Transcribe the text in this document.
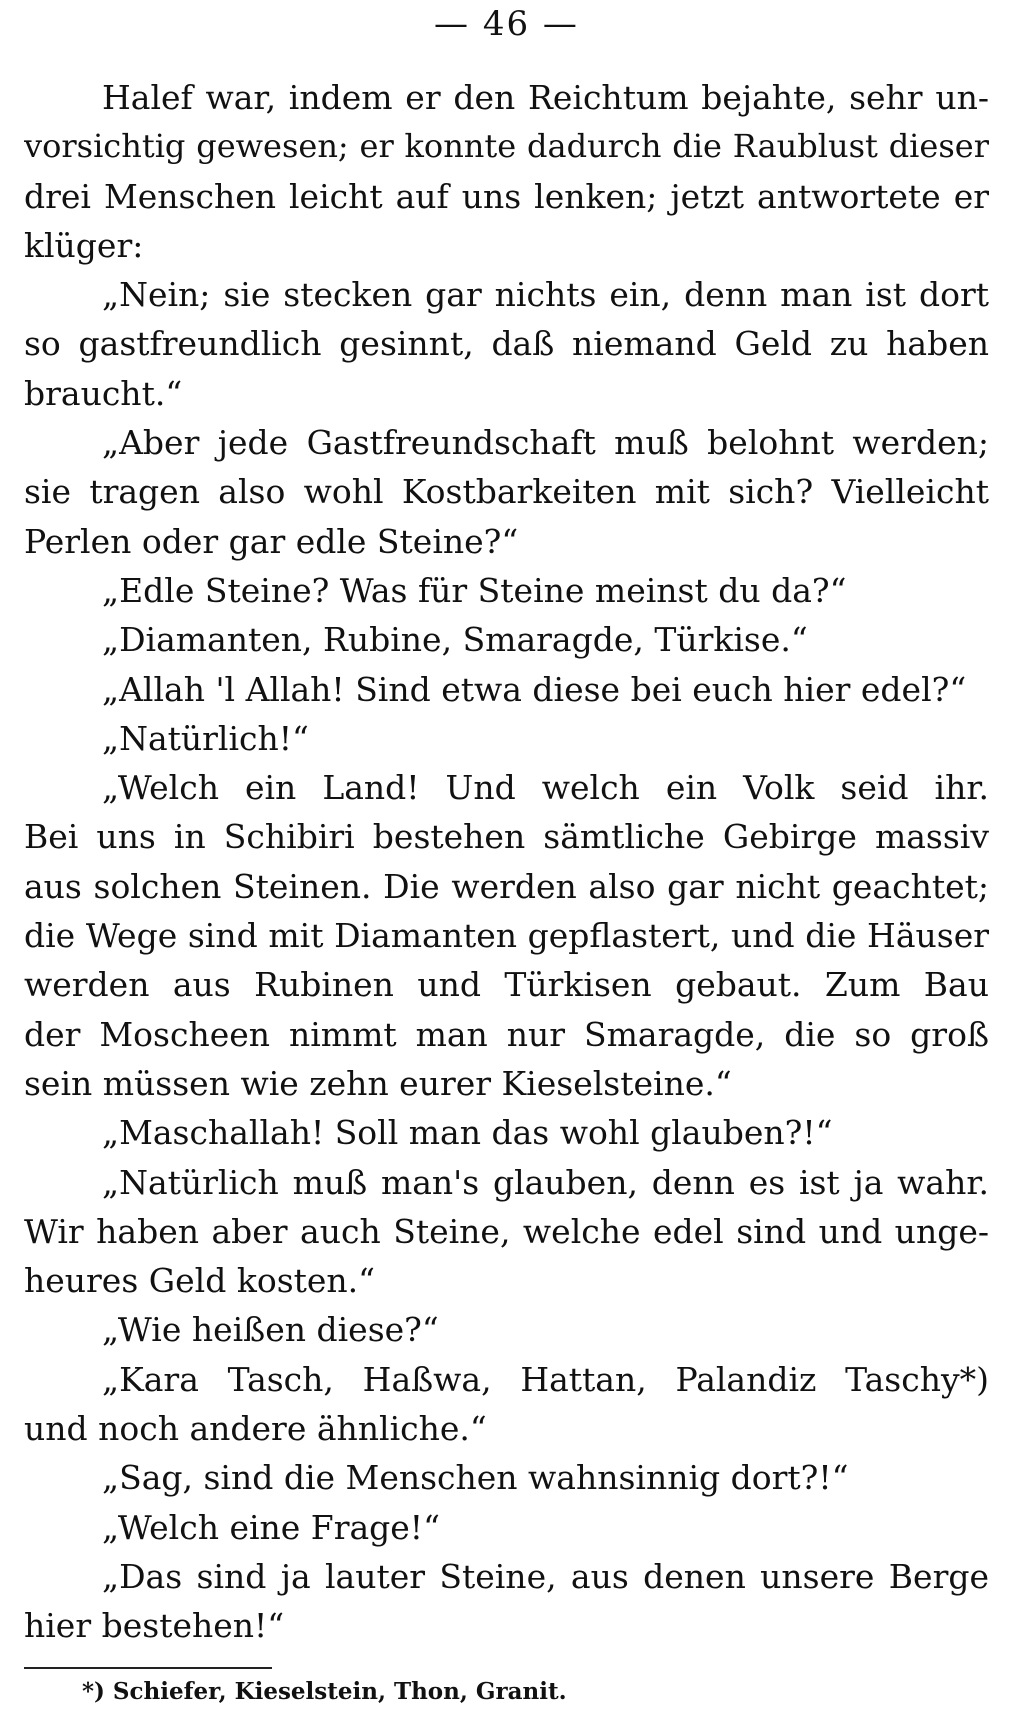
— 46 —
Halef war, indem er den Reichtum bejahte, sehr un-
vorsichtig gewesen; er konnte dadurch die Raublust dieser
drei Menschen leicht auf uns lenken; jetzt antwortete er
klüger:
„Nein; sie stecken gar nichts ein, denn man ist dort
so gastfreundlich gesinnt, daß niemand Geld zu haben
braucht.“
„Aber jede Gastfreundschaft muß belohnt werden;
sie tragen also wohl Kostbarkeiten mit sich? Vielleicht
Perlen oder gar edle Steine?“
„Edle Steine? Was für Steine meinst du da?“
„Diamanten, Rubine, Smaragde, Türkise.“
„Allah 'l Allah! Sind etwa diese bei euch hier edel?“
„Natürlich!“
„Welch ein Land! Und welch ein Volk seid ihr.
Bei uns in Schibiri bestehen sämtliche Gebirge massiv
aus solchen Steinen. Die werden also gar nicht geachtet;
die Wege sind mit Diamanten gepflastert, und die Häuser
werden aus Rubinen und Türkisen gebaut. Zum Bau
der Moscheen nimmt man nur Smaragde, die so groß
sein müssen wie zehn eurer Kieselsteine.“
„Maschallah! Soll man das wohl glauben?!“
„Natürlich muß man's glauben, denn es ist ja wahr.
Wir haben aber auch Steine, welche edel sind und unge-
heures Geld kosten.“
„Wie heißen diese?“
„Kara Tasch, Haßwa, Hattan, Palandiz Taschy*)
und noch andere ähnliche.“
„Sag, sind die Menschen wahnsinnig dort?!“
„Welch eine Frage!“
„Das sind ja lauter Steine, aus denen unsere Berge
hier bestehen!“
*) Schiefer, Kieselstein, Thon, Granit.
